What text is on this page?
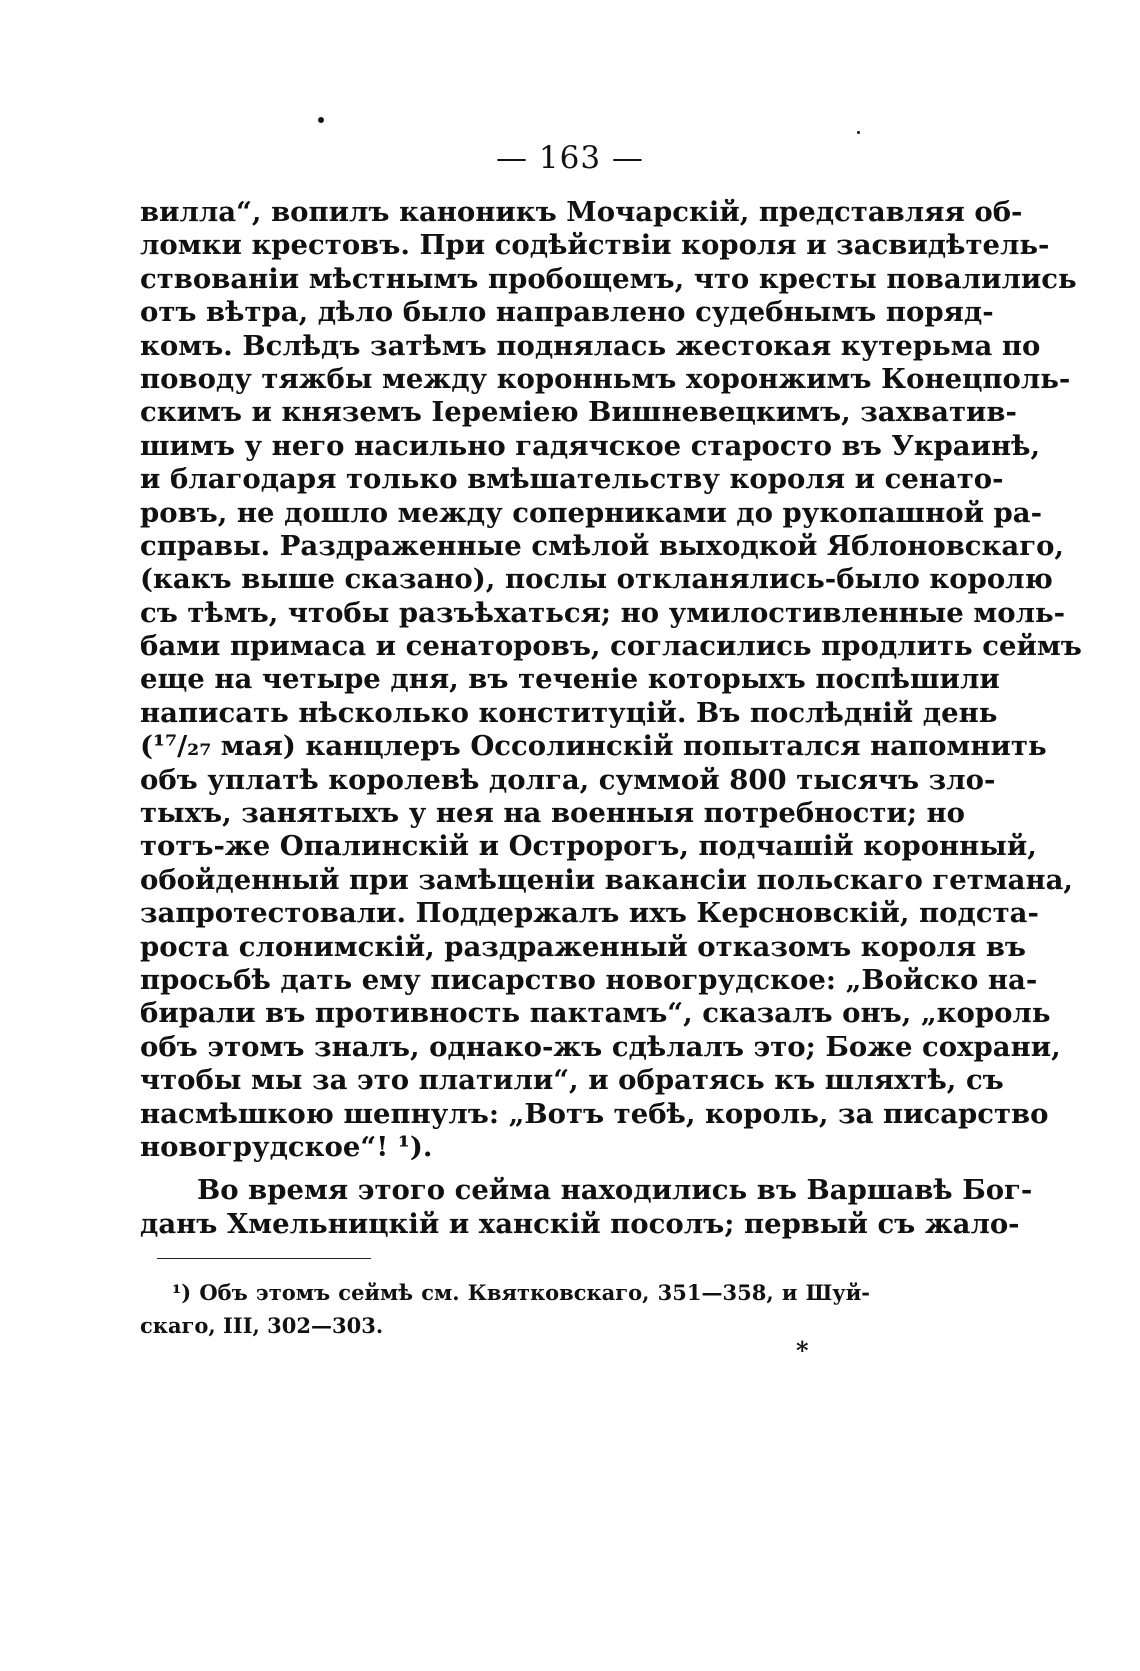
— 163 —
вилла“, вопилъ каноникъ Мочарскій, представляя об-
ломки крестовъ. При содѣйствіи короля и засвидѣтель-
ствованіи мѣстнымъ пробощемъ, что кресты повалились
отъ вѣтра, дѣло было направлено судебнымъ поряд-
комъ. Вслѣдъ затѣмъ поднялась жестокая кутерьма по
поводу тяжбы между коронньмъ хоронжимъ Конецполь-
скимъ и княземъ Іереміею Вишневецкимъ, захватив-
шимъ у него насильно гадячское старосто въ Украинѣ,
и благодаря только вмѣшательству короля и сенато-
ровъ, не дошло между соперниками до рукопашной ра-
справы. Раздраженные смѣлой выходкой Яблоновскаго,
(какъ выше сказано), послы откланялись-было королю
съ тѣмъ, чтобы разъѣхаться; но умилостивленные моль-
бами примаса и сенаторовъ, согласились продлить сеймъ
еще на четыре дня, въ теченіе которыхъ поспѣшили
написать нѣсколько конституцій. Въ послѣдній день
(¹⁷/₂₇ мая) канцлеръ Оссолинскій попытался напомнить
объ уплатѣ королевѣ долга, суммой 800 тысячъ зло-
тыхъ, занятыхъ у нея на военныя потребности; но
тотъ-же Опалинскій и Остророгъ, подчашій коронный,
обойденный при замѣщеніи вакансіи польскаго гетмана,
запротестовали. Поддержалъ ихъ Керсновскій, подста-
роста слонимскій, раздраженный отказомъ короля въ
просьбѣ дать ему писарство новогрудское: „Войско на-
бирали въ противность пактамъ“, сказалъ онъ, „король
объ этомъ зналъ, однако-жъ сдѣлалъ это; Боже сохрани,
чтобы мы за это платили“, и обратясь къ шляхтѣ, съ
насмѣшкою шепнулъ: „Вотъ тебѣ, король, за писарство
новогрудское“! ¹).
Во время этого сейма находились въ Варшавѣ Бог-
данъ Хмельницкій и ханскій посолъ; первый съ жало-
¹) Объ этомъ сеймѣ см. Квятковскаго, 351—358, и Шуй-
скаго, III, 302—303.
*
